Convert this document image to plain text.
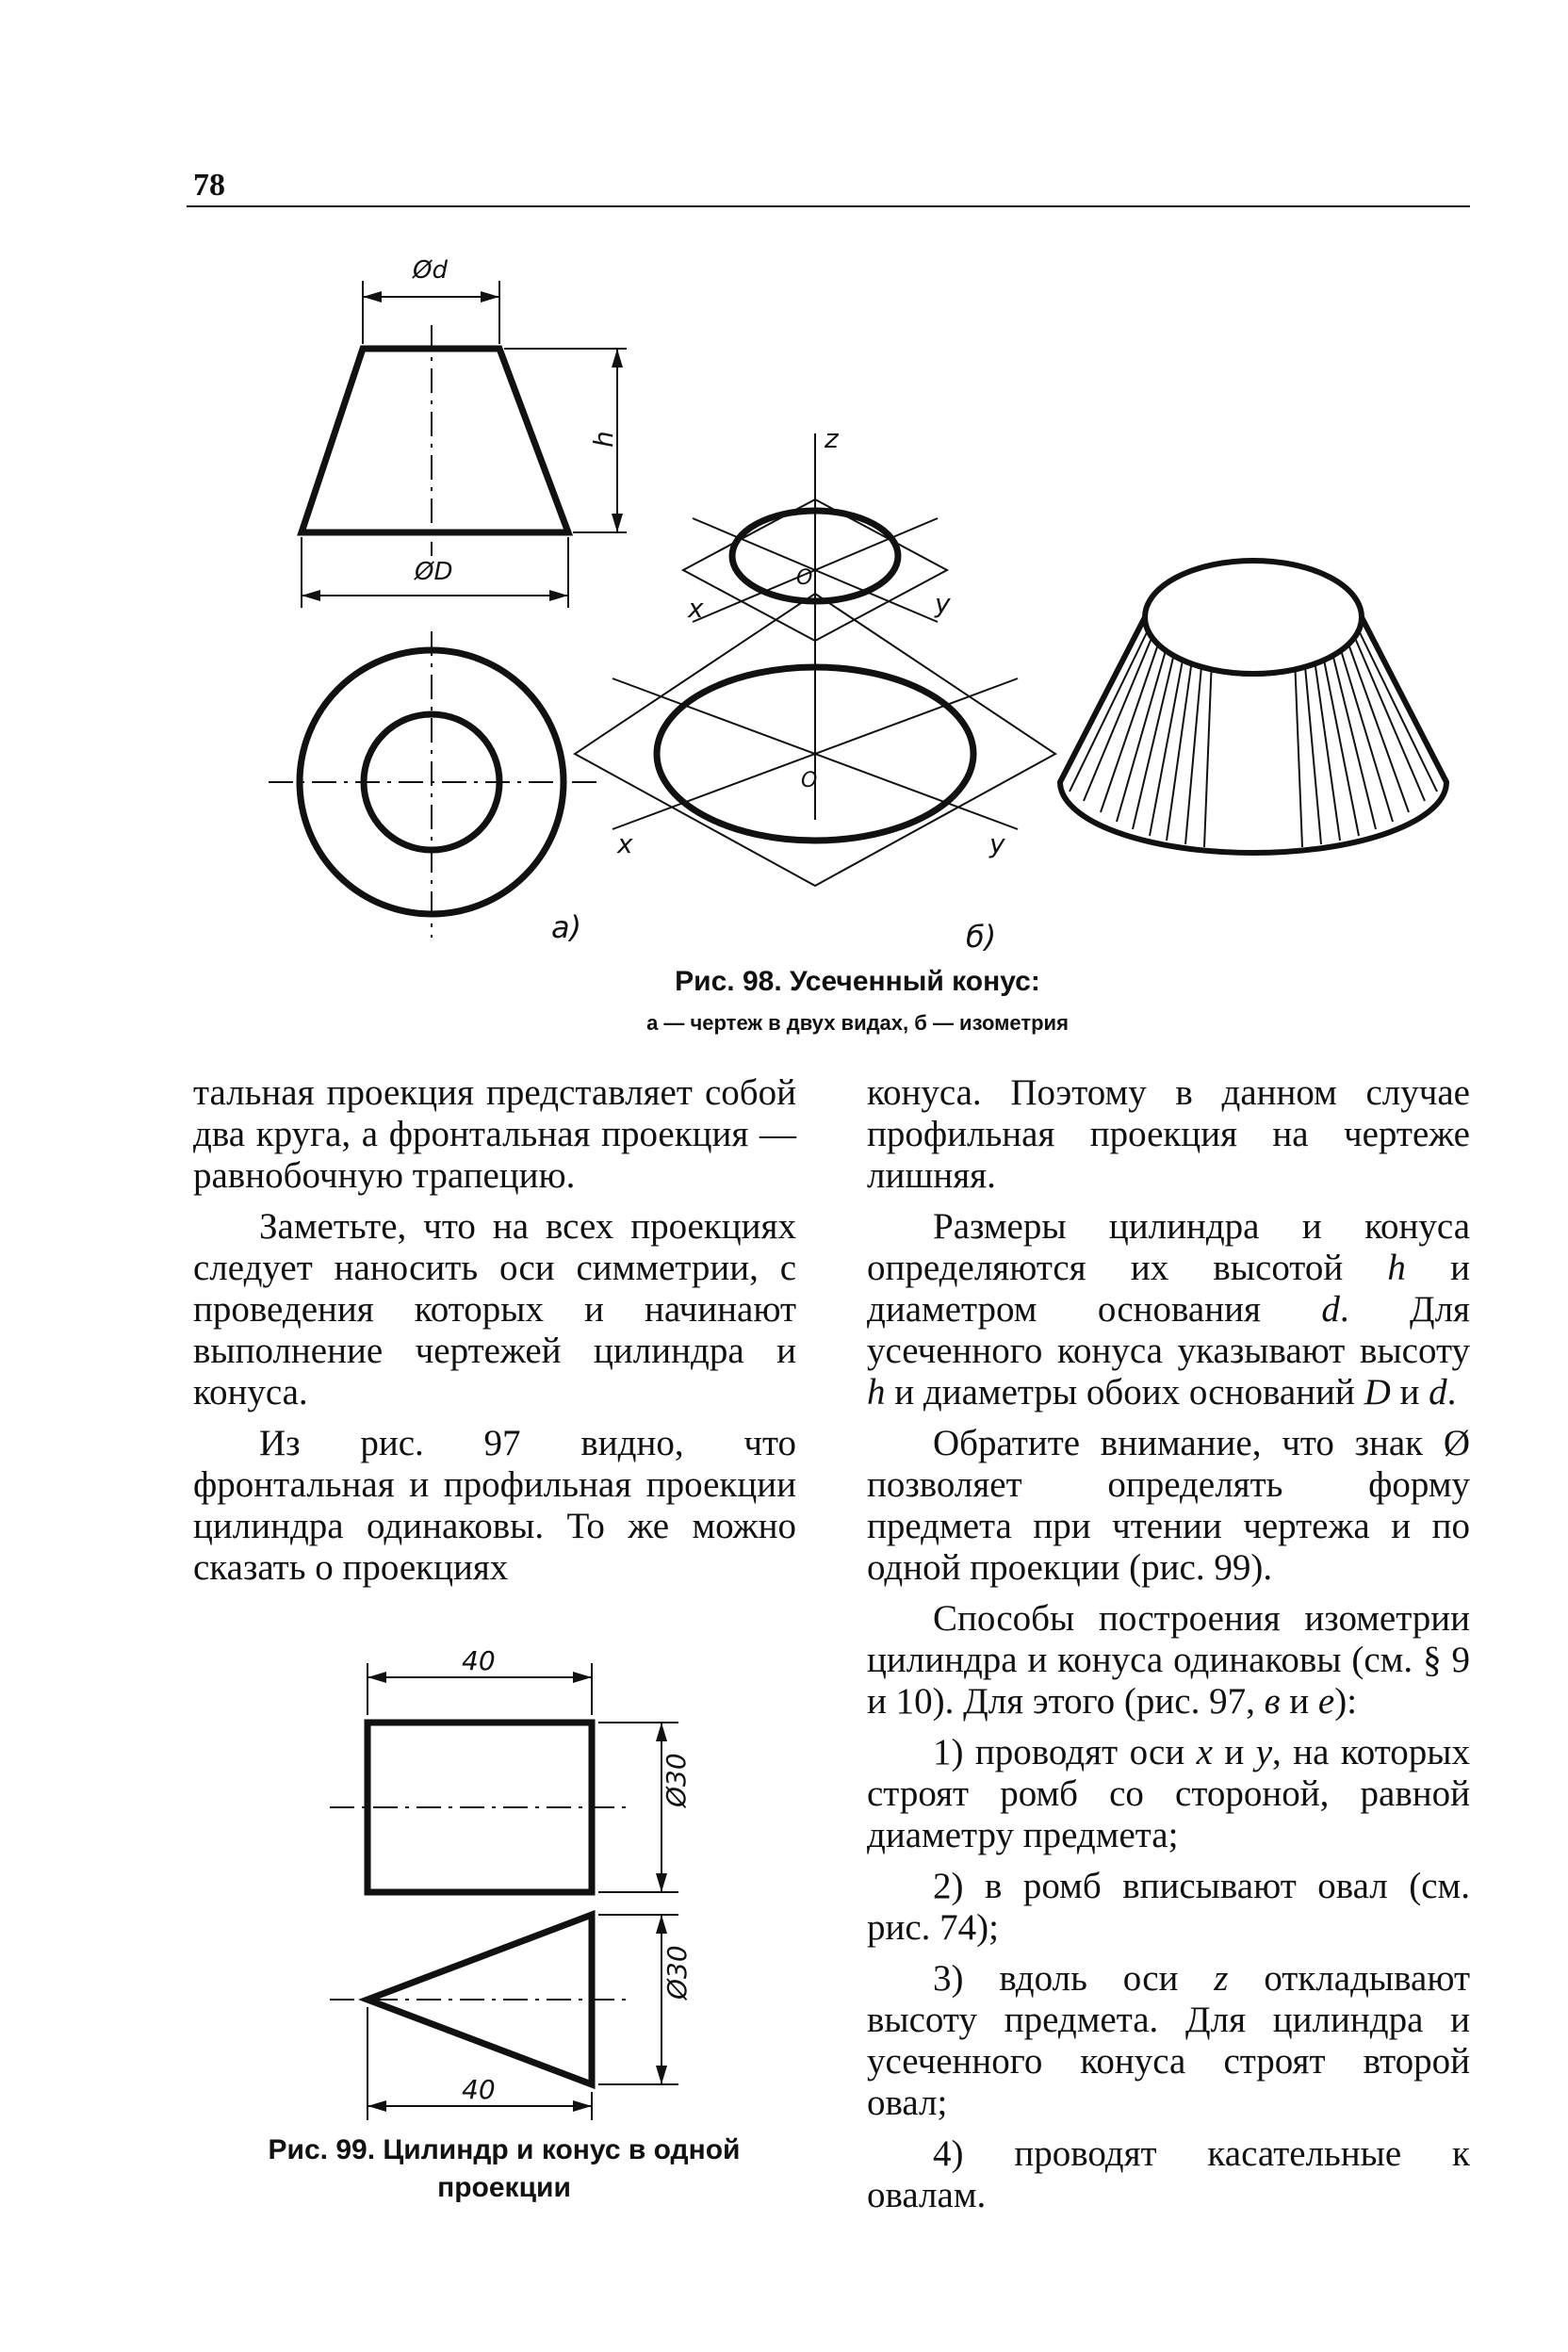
78
Ød
h
ØD
а)
z
O
x	y
O
x	y
б)
Рис. 98. Усеченный конус:
а — чертеж в двух видах, б — изометрия

тальная проекция представляет собой два круга, а фронтальная проекция — равнобочную трапецию.

Заметьте, что на всех проекциях следует наносить оси симметрии, с проведения которых и начинают выполнение чертежей цилиндра и конуса.

Из рис. 97 видно, что фронтальная и профильная проекции цилиндра одинаковы. То же можно сказать о проекциях

40
Ø30
Ø30
40
Рис. 99. Цилиндр и конус в одной проекции

конуса. Поэтому в данном случае профильная проекция на чертеже лишняя.

Размеры цилиндра и конуса определяются их высотой h и диаметром основания d. Для усеченного конуса указывают высоту h и диаметры обоих оснований D и d.

Обратите внимание, что знак Ø позволяет определять форму предмета при чтении чертежа и по одной проекции (рис. 99).

Способы построения изометрии цилиндра и конуса одинаковы (см. § 9 и 10). Для этого (рис. 97, в и е):

1) проводят оси x и y, на которых строят ромб со стороной, равной диаметру предмета;

2) в ромб вписывают овал (см. рис. 74);

3) вдоль оси z откладывают высоту предмета. Для цилиндра и усеченного конуса строят второй овал;

4) проводят касательные к овалам.
